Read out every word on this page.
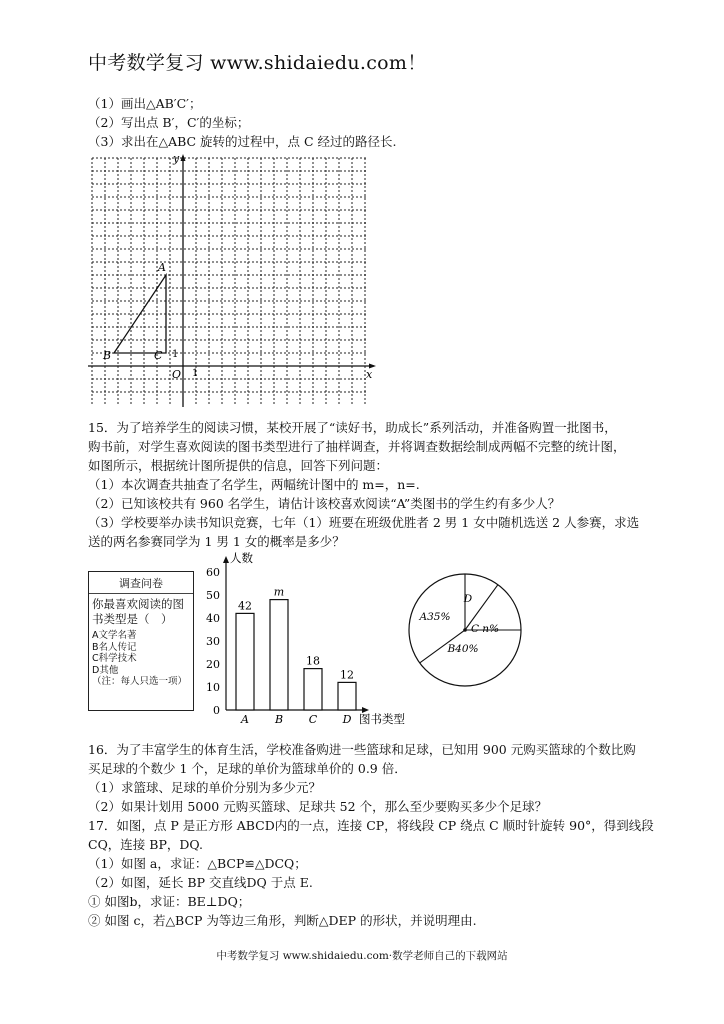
中考数学复习 www.shidaiedu.com！
（1）画出△AB′C′；
（2）写出点 B′，C′的坐标；
（3）求出在△ABC 旋转的过程中，点 C 经过的路径长.
A
B	C
O
1
1	x
y
15．为了培养学生的阅读习惯，某校开展了“读好书，助成长”系列活动，并准备购置一批图书，
购书前，对学生喜欢阅读的图书类型进行了抽样调查，并将调查数据绘制成两幅不完整的统计图，
如图所示，根据统计图所提供的信息，回答下列问题：
（1）本次调查共抽查了名学生，两幅统计图中的 m=，n=.
（2）已知该校共有 960 名学生，请估计该校喜欢阅读“A”类图书的学生约有多少人？
（3）学校要举办读书知识竞赛，七年（1）班要在班级优胜者 2 男 1 女中随机选送 2 人参赛，求选
送的两名参赛同学为 1 男 1 女的概率是多少？
调查问卷
你最喜欢阅读的图书类型是（　）
A文学名著
B名人传记
C科学技术
D其他
（注：每人只选一项）
0
10
20
30
40
50
60
人数
图书类型
42
A
m
B
18
C
12
D
A35%
B40%
C n%
D
16．为了丰富学生的体育生活，学校准备购进一些篮球和足球，已知用 900 元购买篮球的个数比购
买足球的个数少 1 个，足球的单价为篮球单价的 0.9 倍．
（1）求篮球、足球的单价分别为多少元？
（2）如果计划用 5000 元购买篮球、足球共 52 个，那么至少要购买多少个足球？
17．如图，点 P 是正方形 ABCD内的一点，连接 CP，将线段 CP 绕点 C 顺时针旋转 90°，得到线段
CQ，连接 BP，DQ.
（1）如图 a，求证：△BCP≌△DCQ；
（2）如图，延长 BP 交直线DQ 于点 E.
① 如图b，求证：BE⊥DQ；
② 如图 c，若△BCP 为等边三角形，判断△DEP 的形状，并说明理由.
中考数学复习 www.shidaiedu.com·数学老师自己的下载网站
